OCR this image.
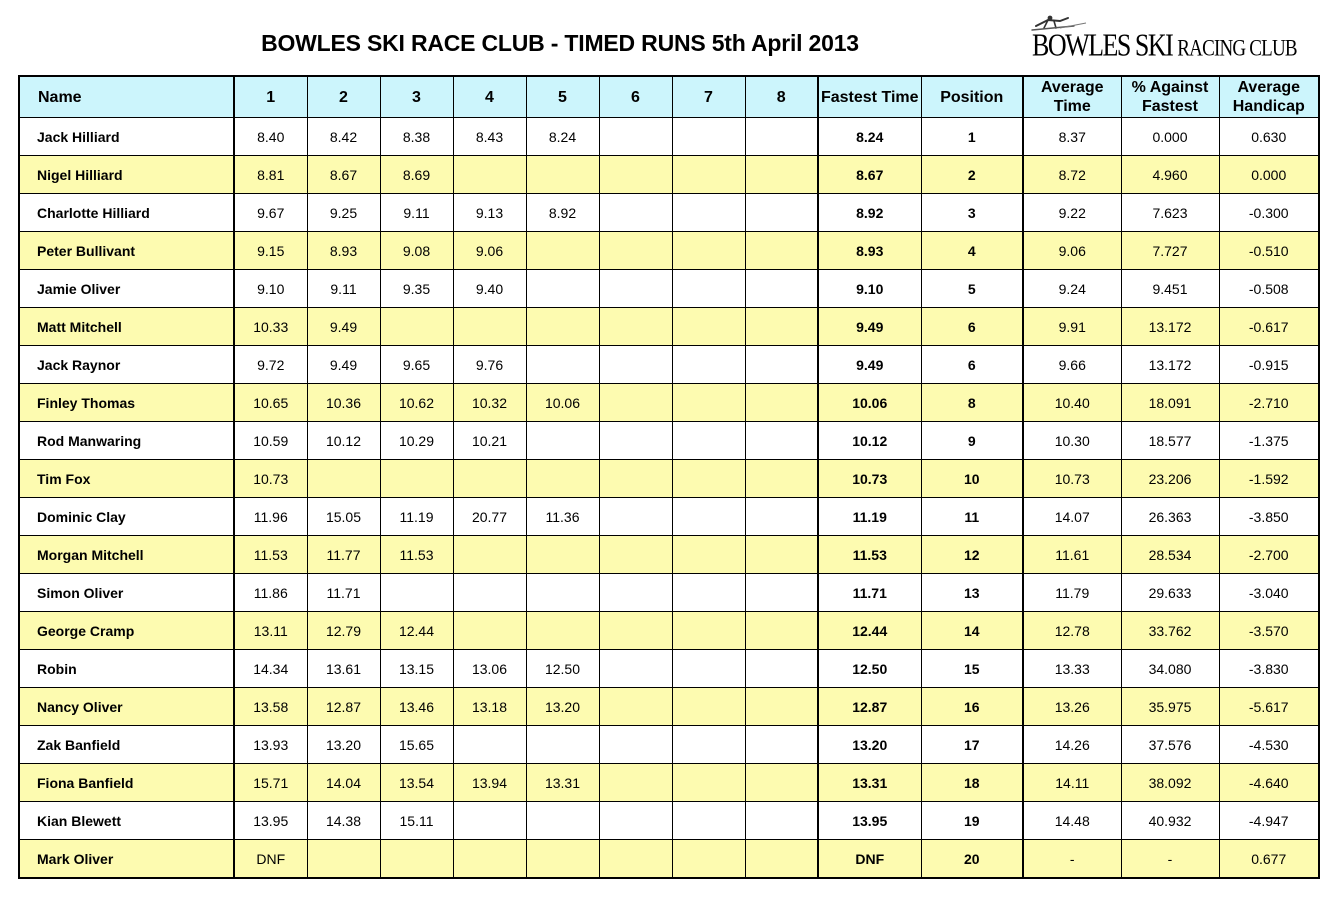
BOWLES SKI RACE CLUB - TIMED RUNS 5th April 2013	BOWLES SKI RACING CLUB
Name	1	2	3	4	5	6	7	8	Fastest Time	Position	Average Time	% Against Fastest	Average Handicap
Jack Hilliard	8.40	8.42	8.38	8.43	8.24				8.24	1	8.37	0.000	0.630
Nigel Hilliard	8.81	8.67	8.69						8.67	2	8.72	4.960	0.000
Charlotte Hilliard	9.67	9.25	9.11	9.13	8.92				8.92	3	9.22	7.623	-0.300
Peter Bullivant	9.15	8.93	9.08	9.06					8.93	4	9.06	7.727	-0.510
Jamie Oliver	9.10	9.11	9.35	9.40					9.10	5	9.24	9.451	-0.508
Matt Mitchell	10.33	9.49							9.49	6	9.91	13.172	-0.617
Jack Raynor	9.72	9.49	9.65	9.76					9.49	6	9.66	13.172	-0.915
Finley Thomas	10.65	10.36	10.62	10.32	10.06				10.06	8	10.40	18.091	-2.710
Rod Manwaring	10.59	10.12	10.29	10.21					10.12	9	10.30	18.577	-1.375
Tim Fox	10.73								10.73	10	10.73	23.206	-1.592
Dominic Clay	11.96	15.05	11.19	20.77	11.36				11.19	11	14.07	26.363	-3.850
Morgan Mitchell	11.53	11.77	11.53						11.53	12	11.61	28.534	-2.700
Simon Oliver	11.86	11.71							11.71	13	11.79	29.633	-3.040
George Cramp	13.11	12.79	12.44						12.44	14	12.78	33.762	-3.570
Robin	14.34	13.61	13.15	13.06	12.50				12.50	15	13.33	34.080	-3.830
Nancy Oliver	13.58	12.87	13.46	13.18	13.20				12.87	16	13.26	35.975	-5.617
Zak Banfield	13.93	13.20	15.65						13.20	17	14.26	37.576	-4.530
Fiona Banfield	15.71	14.04	13.54	13.94	13.31				13.31	18	14.11	38.092	-4.640
Kian Blewett	13.95	14.38	15.11						13.95	19	14.48	40.932	-4.947
Mark Oliver	DNF								DNF	20	-	-	0.677
